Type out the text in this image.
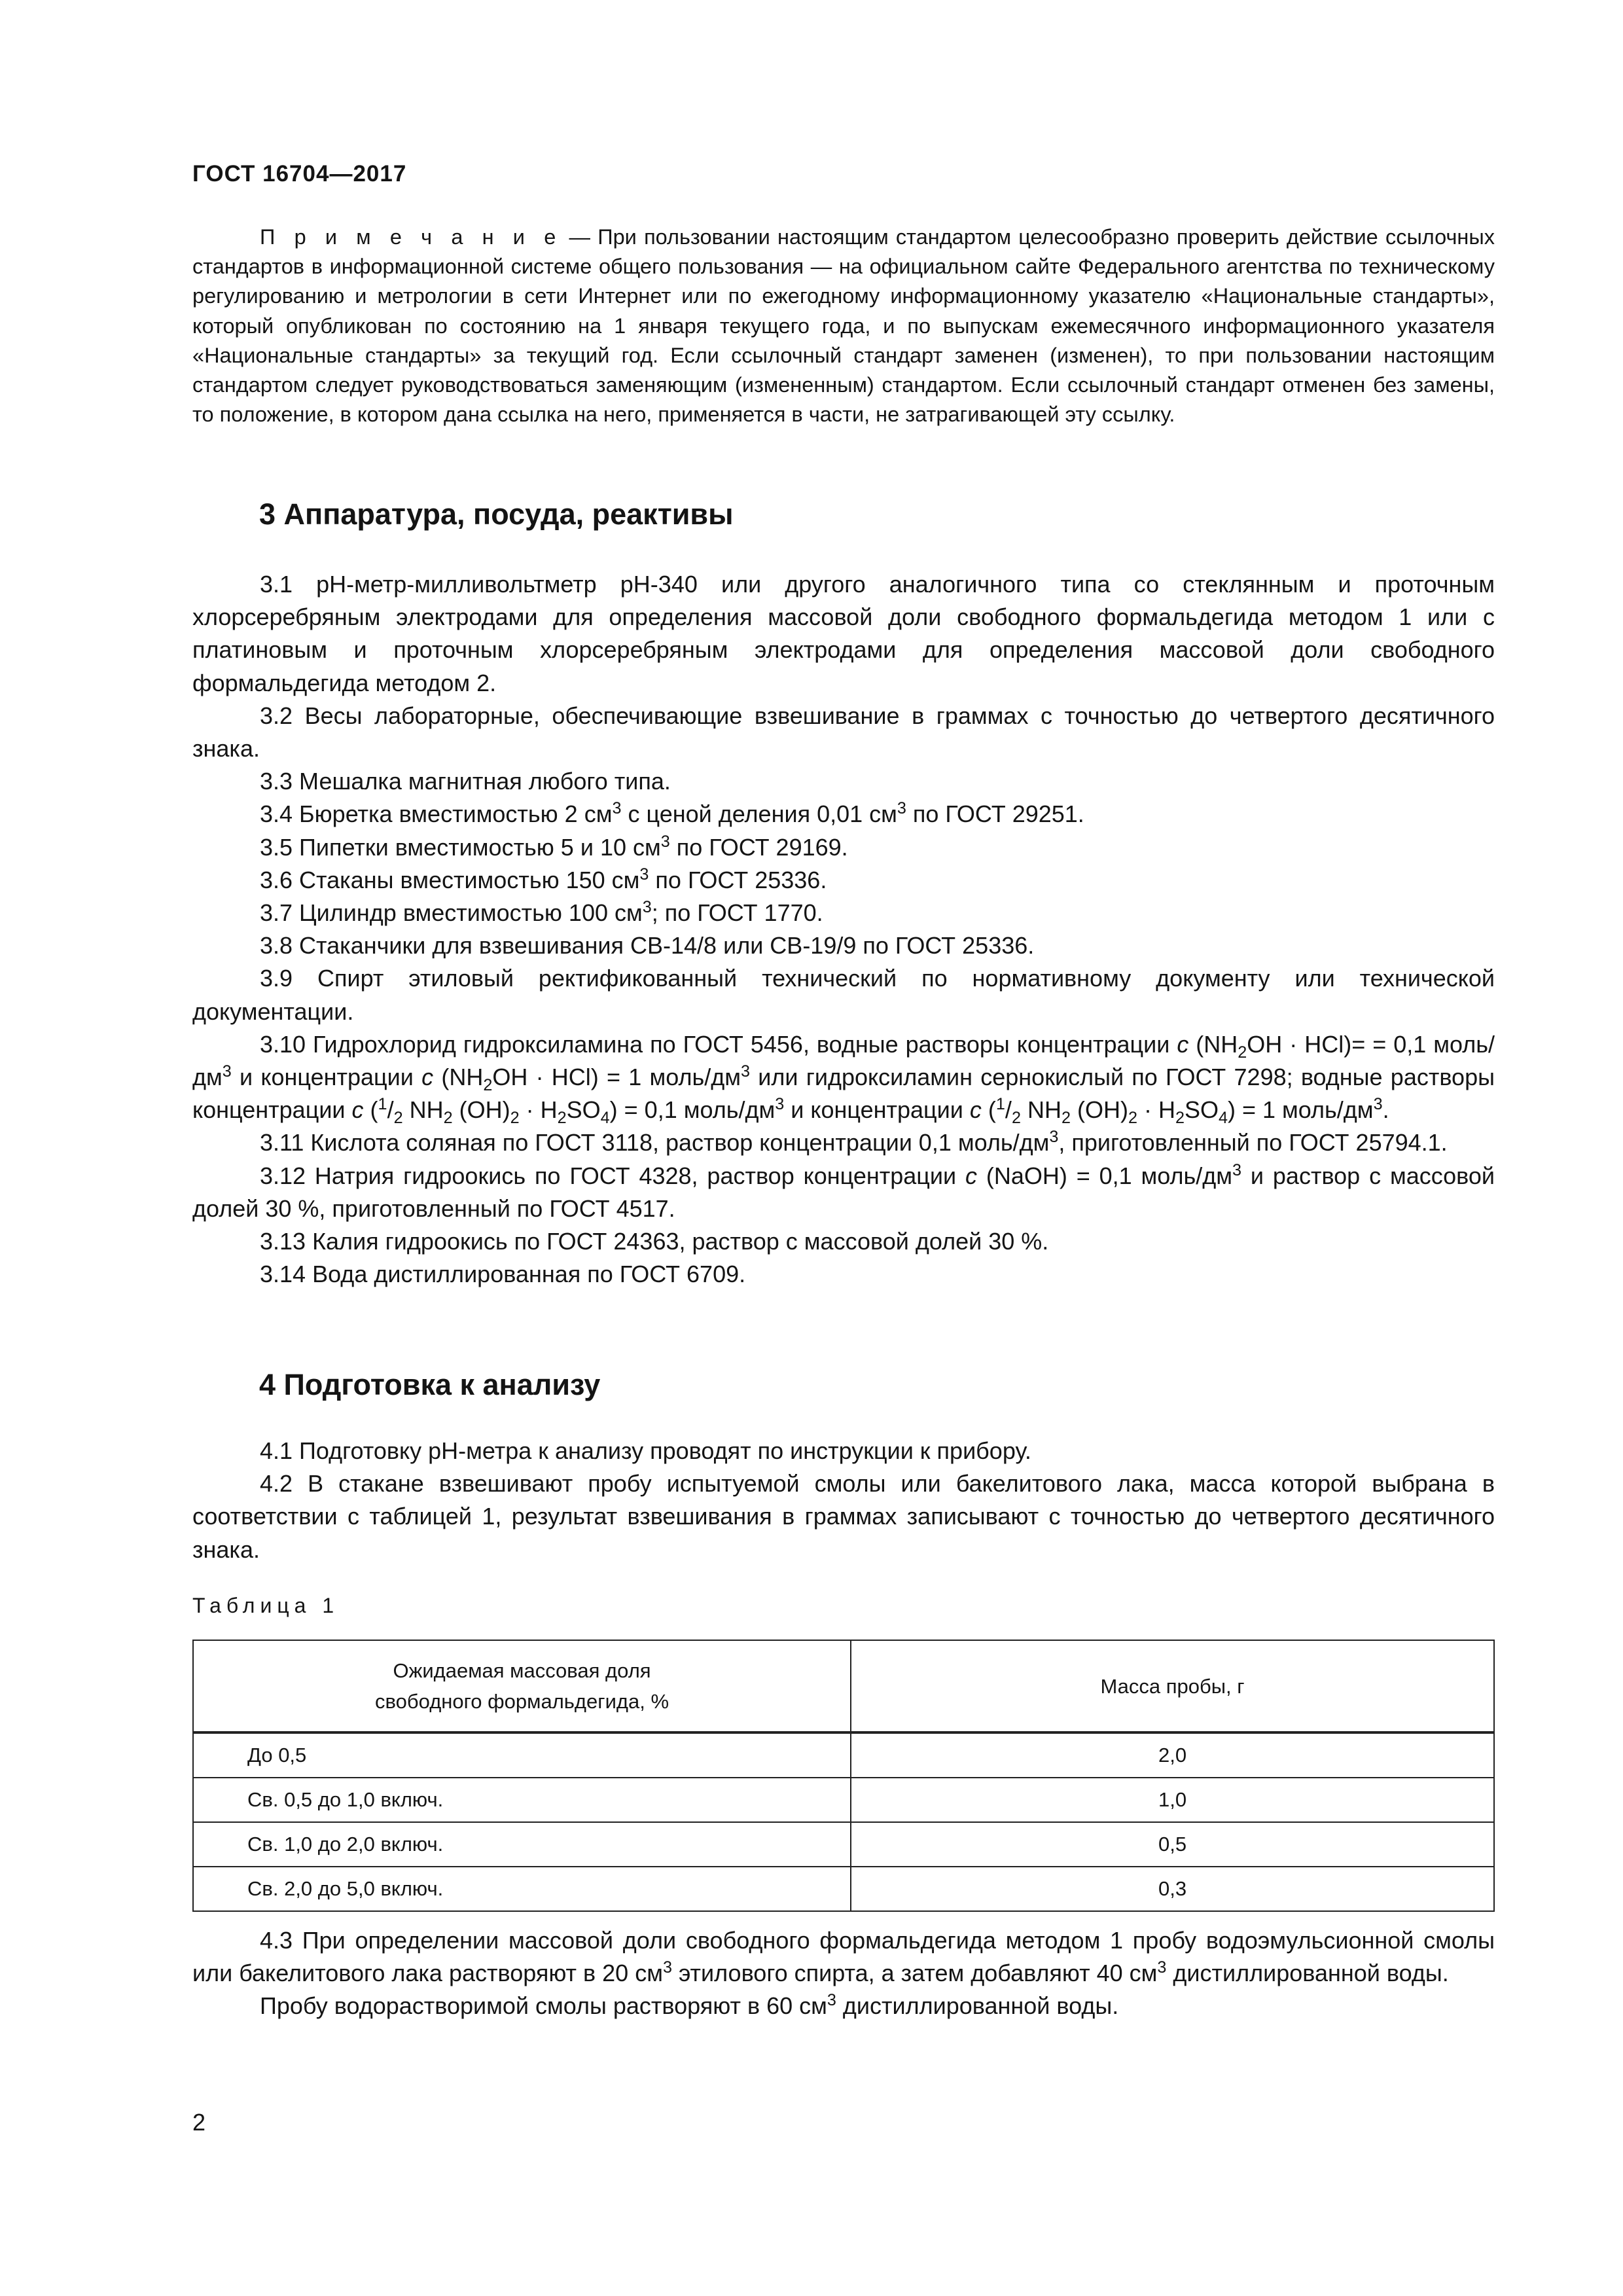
ГОСТ 16704—2017

П р и м е ч а н и е — При пользовании настоящим стандартом целесообразно проверить действие ссылочных стандартов в информационной системе общего пользования — на официальном сайте Федерального агентства по техническому регулированию и метрологии в сети Интернет или по ежегодному информационному указателю «Национальные стандарты», который опубликован по состоянию на 1 января текущего года, и по выпускам ежемесячного информационного указателя «Национальные стандарты» за текущий год. Если ссылочный стандарт заменен (изменен), то при пользовании настоящим стандартом следует руководствоваться заменяющим (измененным) стандартом. Если ссылочный стандарт отменен без замены, то положение, в котором дана ссылка на него, применяется в части, не затрагивающей эту ссылку.

3 Аппаратура, посуда, реактивы

3.1 pH-метр-милливольтметр pH-340 или другого аналогичного типа со стеклянным и проточным хлорсеребряным электродами для определения массовой доли свободного формальдегида методом 1 или с платиновым и проточным хлорсеребряным электродами для определения массовой доли свободного формальдегида методом 2.

3.2 Весы лабораторные, обеспечивающие взвешивание в граммах с точностью до четвертого десятичного знака.

3.3 Мешалка магнитная любого типа.

3.4 Бюретка вместимостью 2 $см^3$ с ценой деления 0,01 $см^3$ по ГОСТ 29251.

3.5 Пипетки вместимостью 5 и 10 $см^3$ по ГОСТ 29169.

3.6 Стаканы вместимостью 150 $см^3$ по ГОСТ 25336.

3.7 Цилиндр вместимостью 100 $см^3$; по ГОСТ 1770.

3.8 Стаканчики для взвешивания СВ-14/8 или СВ-19/9 по ГОСТ 25336.

3.9 Спирт этиловый ректификованный технический по нормативному документу или технической документации.

3.10 Гидрохлорид гидроксиламина по ГОСТ 5456, водные растворы концентрации c $(NH_2OH \cdot HCl)= = 0,1$ моль/$дм^3$ и концентрации c $(NH_2OH \cdot HCl) = 1$ моль/$дм^3$ или гидроксиламин сернокислый по ГОСТ 7298; водные растворы концентрации c ($^1/_2$ $NH_2$ $(OH)_2 \cdot H_2SO_4) = 0,1$ моль/$дм^3$ и концентрации c ($^1/_2$ $NH_2$ $(OH)_2 \cdot H_2SO_4) = 1$ моль/$дм^3$.

3.11 Кислота соляная по ГОСТ 3118, раствор концентрации 0,1 моль/$дм^3$, приготовленный по ГОСТ 25794.1.

3.12 Натрия гидроокись по ГОСТ 4328, раствор концентрации c (NaOH) = 0,1 моль/$дм^3$ и раствор с массовой долей 30 %, приготовленный по ГОСТ 4517.

3.13 Калия гидроокись по ГОСТ 24363, раствор с массовой долей 30 %.

3.14 Вода дистиллированная по ГОСТ 6709.

4 Подготовка к анализу

4.1 Подготовку pH-метра к анализу проводят по инструкции к прибору.

4.2 В стакане взвешивают пробу испытуемой смолы или бакелитового лака, масса которой выбрана в соответствии с таблицей 1, результат взвешивания в граммах записывают с точностью до четвертого десятичного знака.

Таблица 1
Ожидаемая массовая доля
свободного формальдегида, %	Масса пробы, г
До 0,5	2,0
Св. 0,5 до 1,0 включ.	1,0
Св. 1,0 до 2,0 включ.	0,5
Св. 2,0 до 5,0 включ.	0,3

4.3 При определении массовой доли свободного формальдегида методом 1 пробу водоэмульсионной смолы или бакелитового лака растворяют в 20 $см^3$ этилового спирта, а затем добавляют 40 $см^3$ дистиллированной воды.

Пробу водорастворимой смолы растворяют в 60 $см^3$ дистиллированной воды.

2
